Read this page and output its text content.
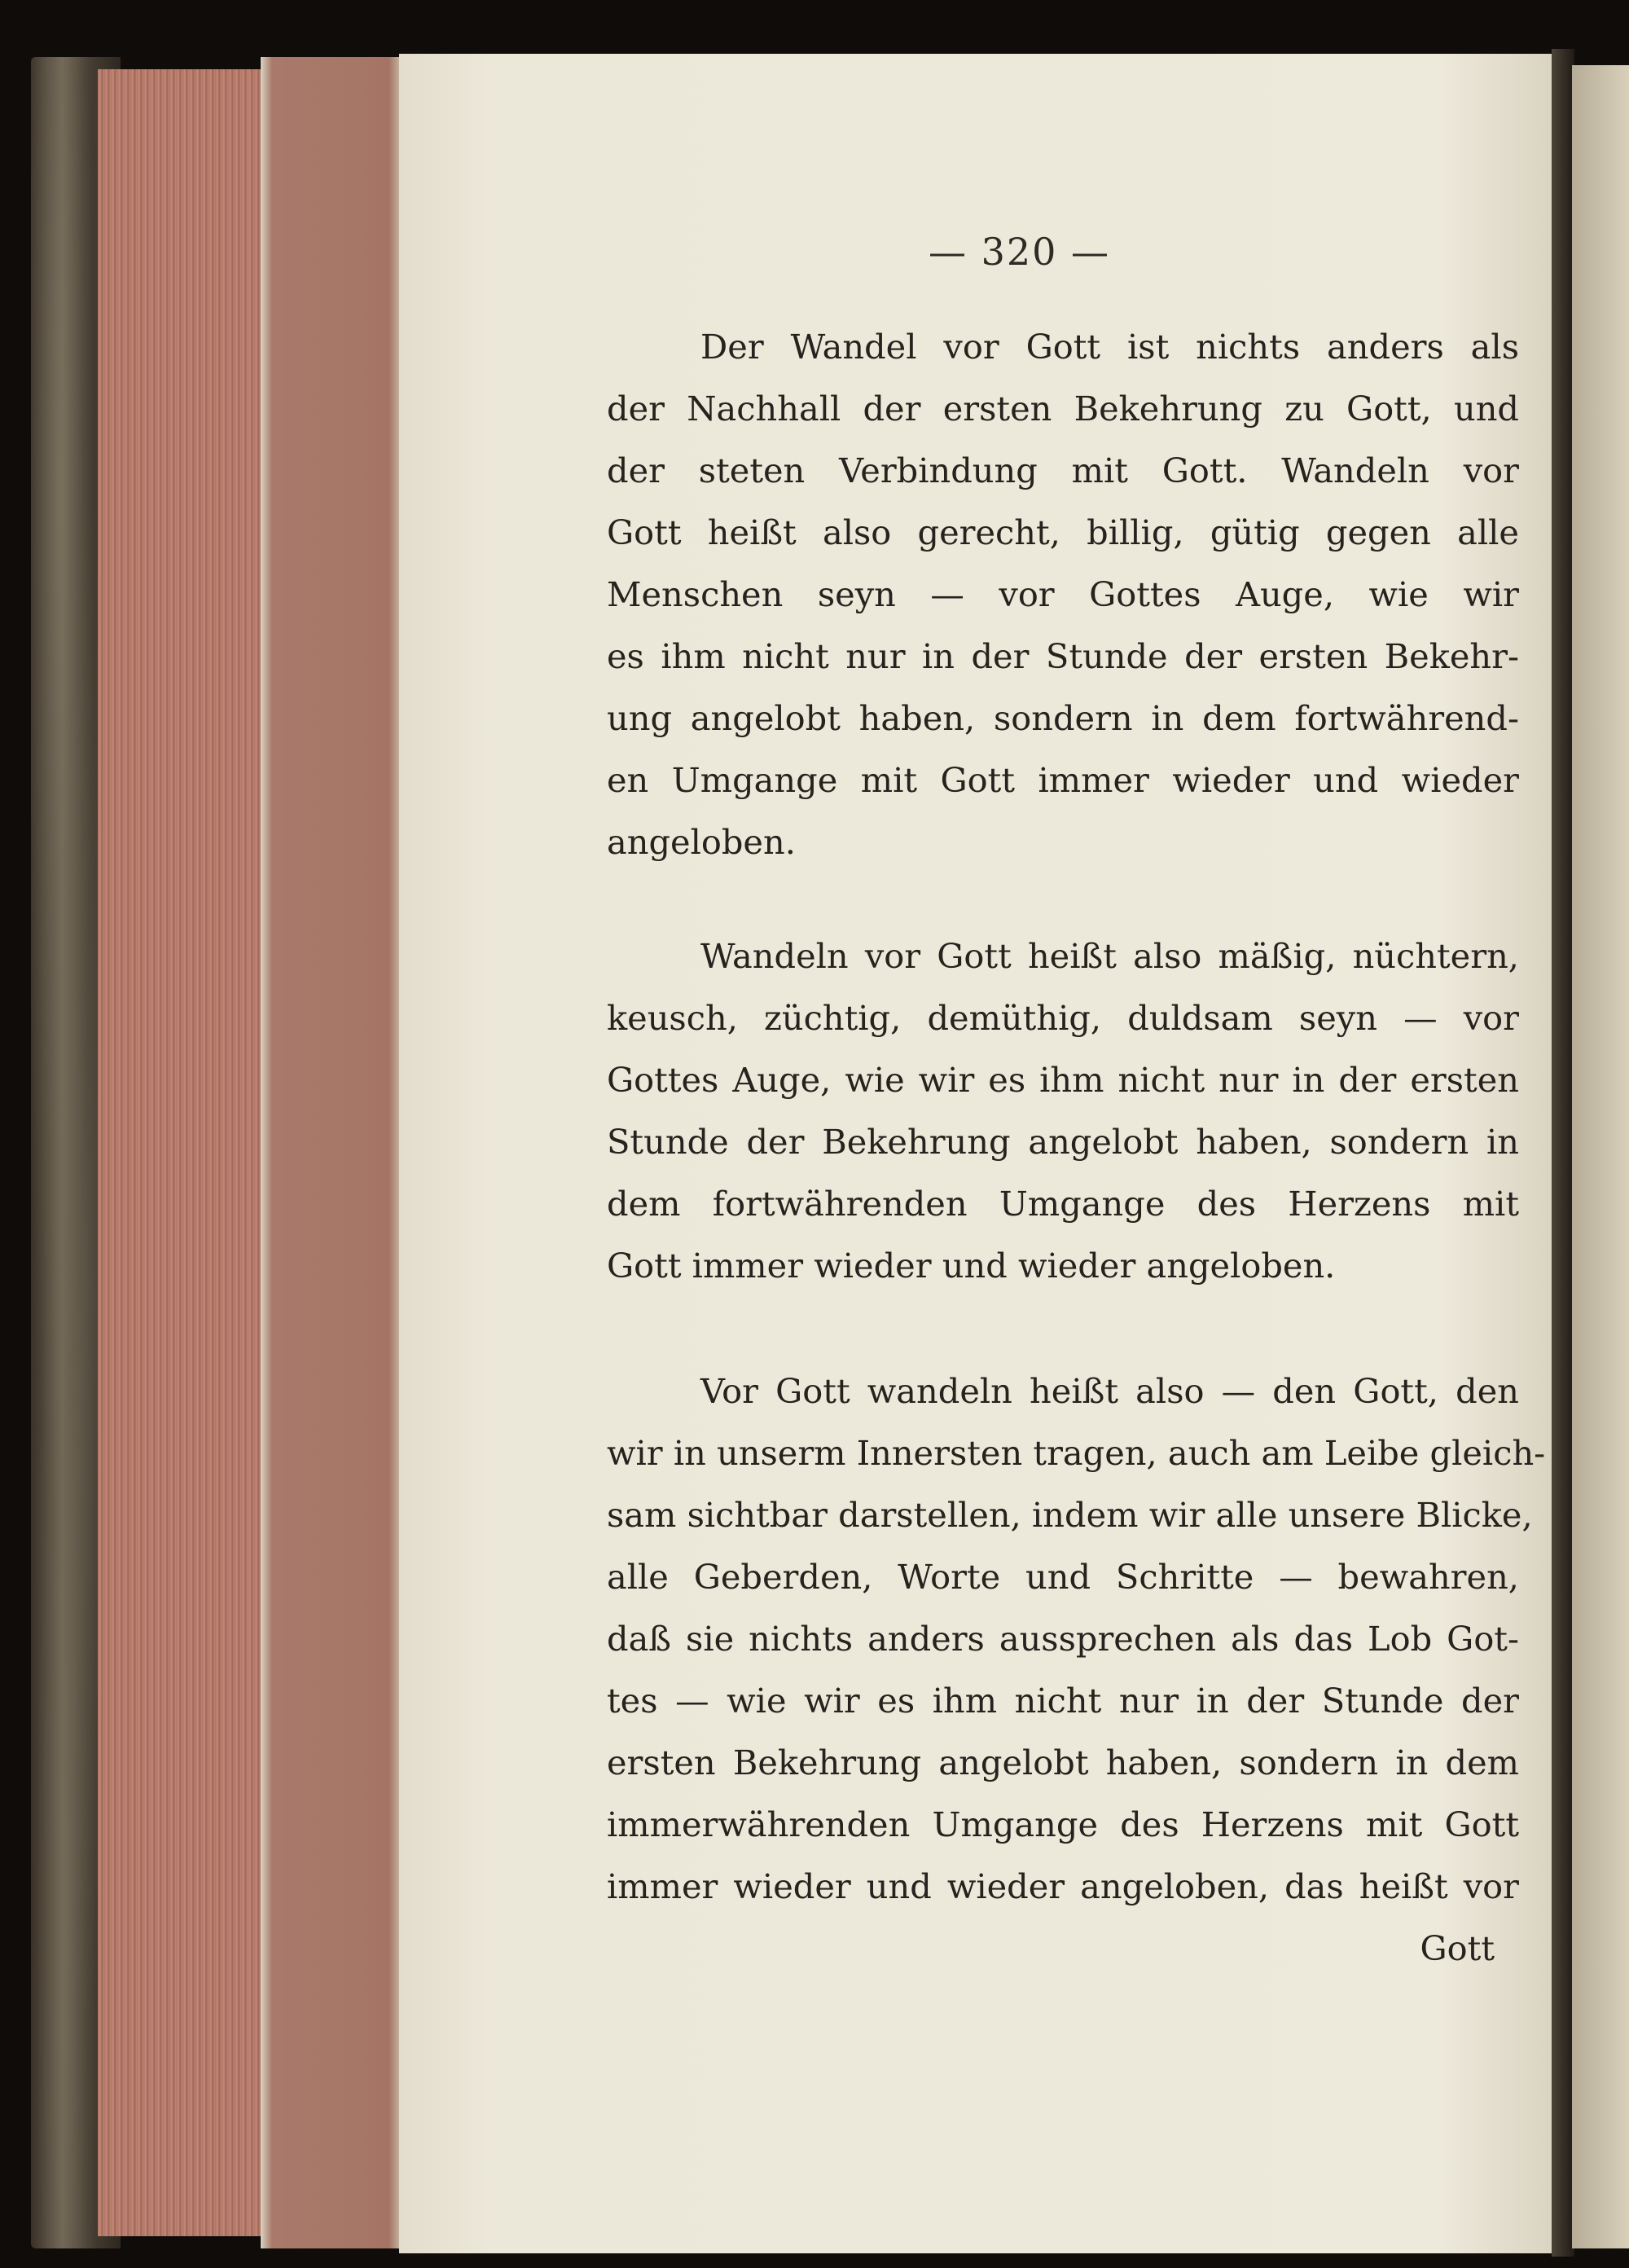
— 320 —

Der Wandel vor Gott ist nichts anders als
der Nachhall der ersten Bekehrung zu Gott, und
der steten Verbindung mit Gott. Wandeln vor
Gott heißt also gerecht, billig, gütig gegen alle
Menschen seyn — vor Gottes Auge, wie wir
es ihm nicht nur in der Stunde der ersten Bekehr-
ung angelobt haben, sondern in dem fortwährend-
en Umgange mit Gott immer wieder und wieder
angeloben.

Wandeln vor Gott heißt also mäßig, nüchtern,
keusch, züchtig, demüthig, duldsam seyn — vor
Gottes Auge, wie wir es ihm nicht nur in der ersten
Stunde der Bekehrung angelobt haben, sondern in
dem fortwährenden Umgange des Herzens mit
Gott immer wieder und wieder angeloben.

Vor Gott wandeln heißt also — den Gott, den
wir in unserm Innersten tragen, auch am Leibe gleich-
sam sichtbar darstellen, indem wir alle unsere Blicke,
alle Geberden, Worte und Schritte — bewahren,
daß sie nichts anders aussprechen als das Lob Got-
tes — wie wir es ihm nicht nur in der Stunde der
ersten Bekehrung angelobt haben, sondern in dem
immerwährenden Umgange des Herzens mit Gott
immer wieder und wieder angeloben, das heißt vor
Gott
